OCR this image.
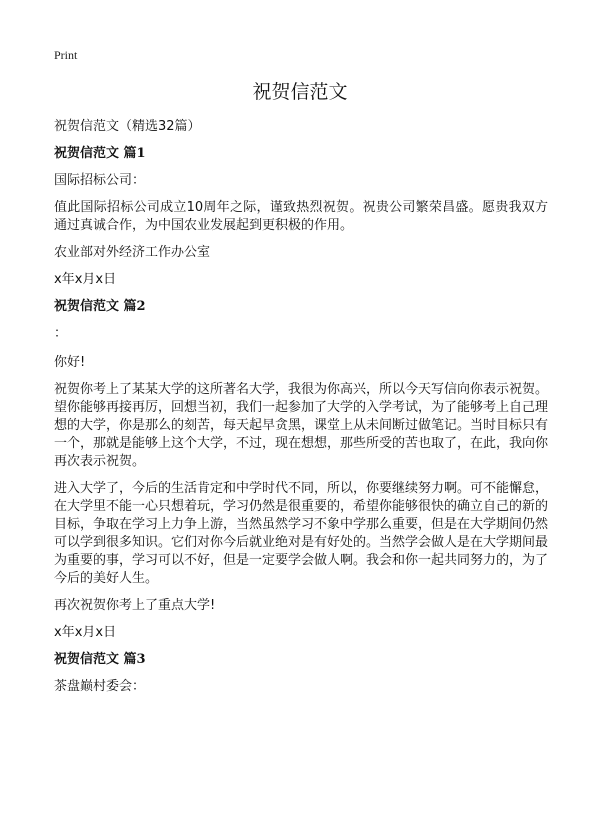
Print
祝贺信范文

祝贺信范文（精选32篇）

祝贺信范文 篇1

国际招标公司：

值此国际招标公司成立10周年之际，谨致热烈祝贺。祝贵公司繁荣昌盛。愿贵我双方通过真诚合作，为中国农业发展起到更积极的作用。

农业部对外经济工作办公室

x年x月x日

祝贺信范文 篇2

：

你好!

祝贺你考上了某某大学的这所著名大学，我很为你高兴，所以今天写信向你表示祝贺。望你能够再接再厉，回想当初，我们一起参加了大学的入学考试，为了能够考上自己理想的大学，你是那么的刻苦，每天起早贪黑，课堂上从未间断过做笔记。当时目标只有一个，那就是能够上这个大学，不过，现在想想，那些所受的苦也取了，在此，我向你再次表示祝贺。

进入大学了，今后的生活肯定和中学时代不同，所以，你要继续努力啊。可不能懈怠，在大学里不能一心只想着玩，学习仍然是很重要的，希望你能够很快的确立自己的新的目标，争取在学习上力争上游，当然虽然学习不象中学那么重要，但是在大学期间仍然可以学到很多知识。它们对你今后就业绝对是有好处的。当然学会做人是在大学期间最为重要的事，学习可以不好，但是一定要学会做人啊。我会和你一起共同努力的，为了今后的美好人生。

再次祝贺你考上了重点大学!

x年x月x日

祝贺信范文 篇3

茶盘巅村委会：
